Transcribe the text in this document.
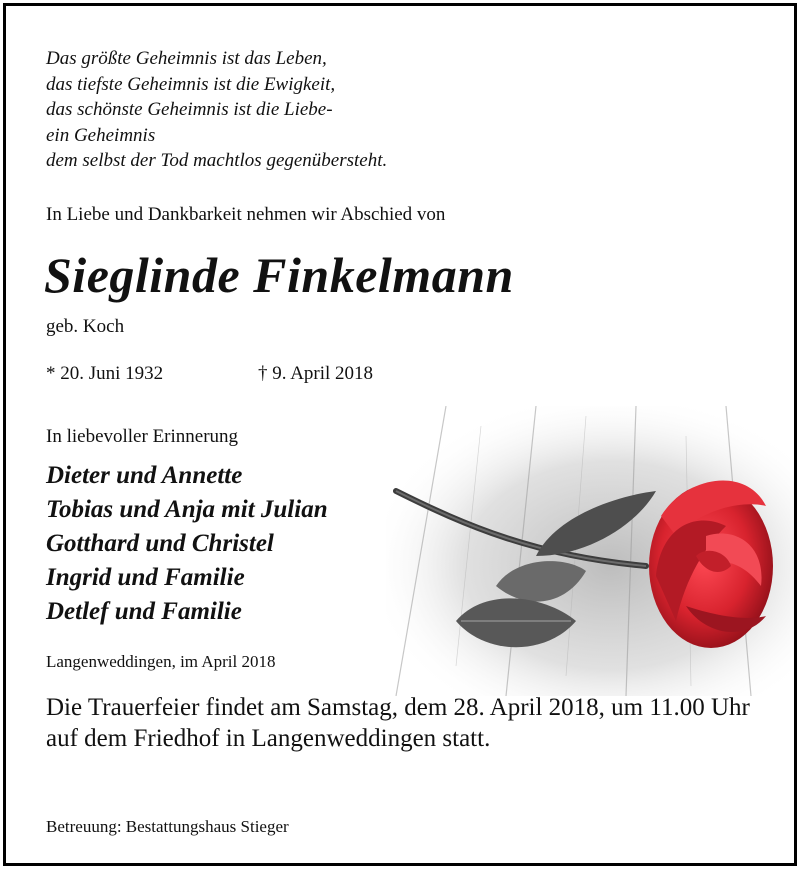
Das größte Geheimnis ist das Leben,
das tiefste Geheimnis ist die Ewigkeit,
das schönste Geheimnis ist die Liebe-
ein Geheimnis
dem selbst der Tod machtlos gegenübersteht.
In Liebe und Dankbarkeit nehmen wir Abschied von
Sieglinde Finkelmann
geb. Koch
* 20. Juni 1932	† 9. April 2018
In liebevoller Erinnerung
Dieter und Annette
Tobias und Anja mit Julian
Gotthard und Christel
Ingrid und Familie
Detlef und Familie
Langenweddingen, im April 2018
Die Trauerfeier findet am Samstag, dem 28. April 2018, um 11.00 Uhr auf dem Friedhof in Langenweddingen statt.
Betreuung: Bestattungshaus Stieger
